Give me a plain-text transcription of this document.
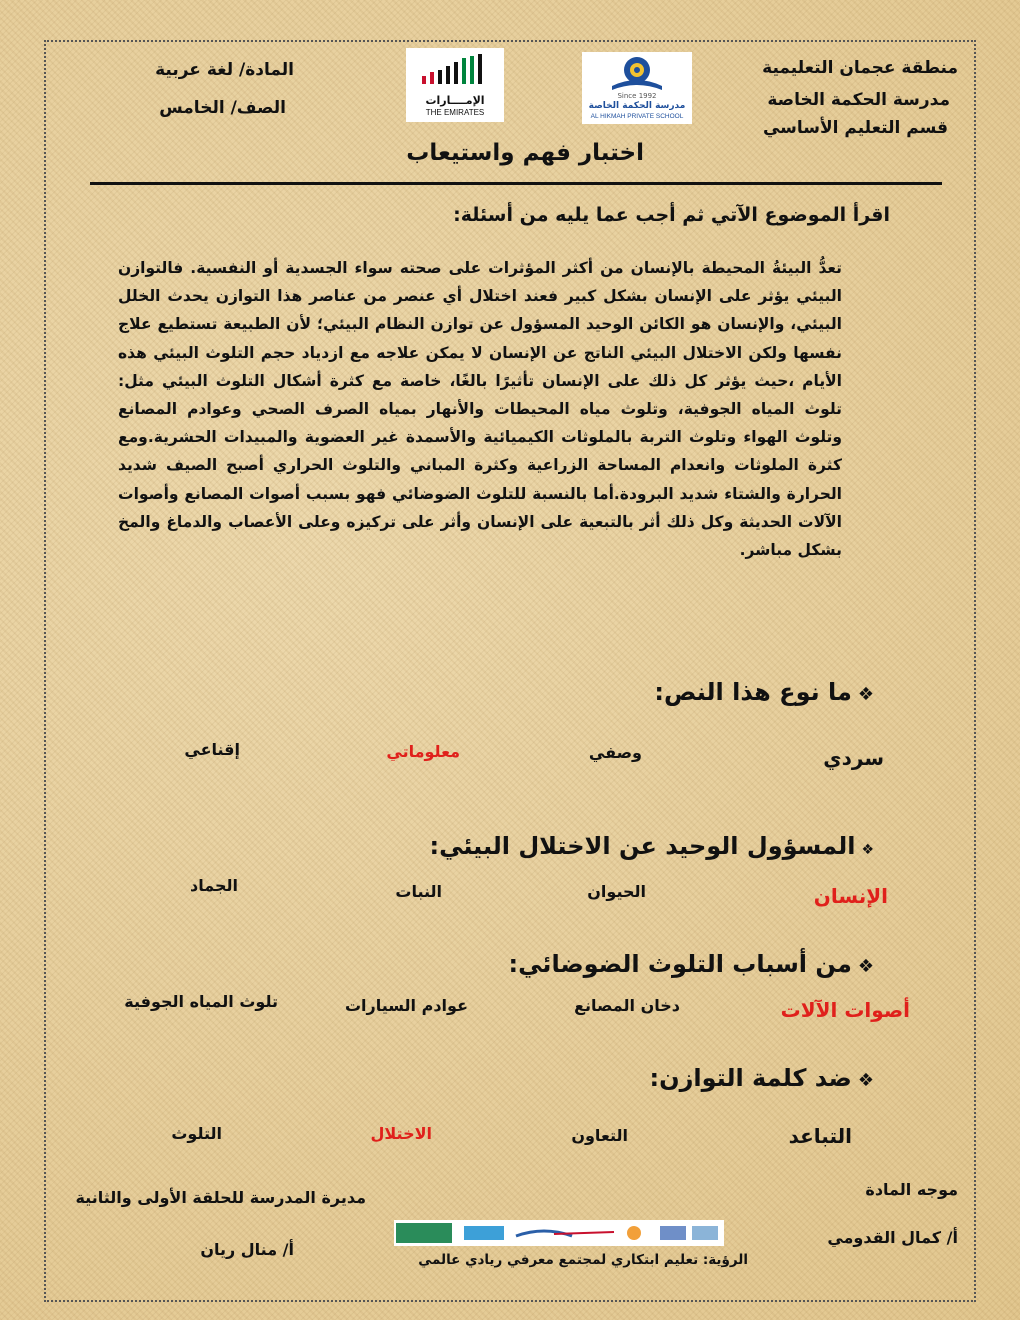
منطقة عجمان التعليمية
مدرسة الحكمة الخاصة
قسم التعليم الأساسي
المادة/ لغة عربية
الصف/ الخامس	الإمــــارات
THE EMIRATES
Since 1992
مدرسة الحكمة الخاصة
AL HIKMAH PRIVATE SCHOOL
اختبار فهم واستيعاب
اقرأ الموضوع الآتي ثم أجب عما يليه من أسئلة:
تعدُّ البيئةُ المحيطة بالإنسان من أكثر المؤثرات على صحته سواء الجسدية أو النفسية. فالتوازن البيئي يؤثر على الإنسان بشكل كبير فعند اختلال أي عنصر من عناصر هذا التوازن يحدث الخلل البيئي، والإنسان هو الكائن الوحيد المسؤول عن توازن النظام البيئي؛ لأن الطبيعة تستطيع علاج نفسها ولكن الاختلال البيئي الناتج عن الإنسان لا يمكن علاجه مع ازدياد حجم التلوث البيئي هذه الأيام ،حيث يؤثر كل ذلك على الإنسان تأثيرًا بالغًا، خاصة مع كثرة أشكال التلوث البيئي مثل: تلوث المياه الجوفية، وتلوث مياه المحيطات والأنهار بمياه الصرف الصحي وعوادم المصانع وتلوث الهواء وتلوث التربة بالملوثات الكيميائية والأسمدة غير العضوية والمبيدات الحشرية.ومع كثرة الملوثات وانعدام المساحة الزراعية وكثرة المباني والتلوث الحراري أصبح الصيف شديد الحرارة والشتاء شديد البرودة.أما بالنسبة للتلوث الضوضائي فهو بسبب أصوات المصانع وأصوات الآلات الحديثة وكل ذلك أثر بالتبعية على الإنسان وأثر على تركيزه وعلى الأعصاب والدماغ والمخ بشكل مباشر.
❖ما نوع هذا النص:
سردي
وصفي
معلوماتي
إقناعي
❖المسؤول الوحيد عن الاختلال البيئي:
الإنسان
الحيوان
النبات
الجماد
❖من أسباب التلوث الضوضائي:
أصوات الآلات
دخان المصانع
عوادم السيارات
تلوث المياه الجوفية
❖ضد كلمة التوازن:
التباعد
التعاون
الاختلال
التلوث
موجه المادة
أ/ كمال القدومي
مديرة المدرسة للحلقة الأولى والثانية
أ/ منال ريان
الرؤية: تعليم ابتكاري لمجتمع معرفي ريادي عالمي
